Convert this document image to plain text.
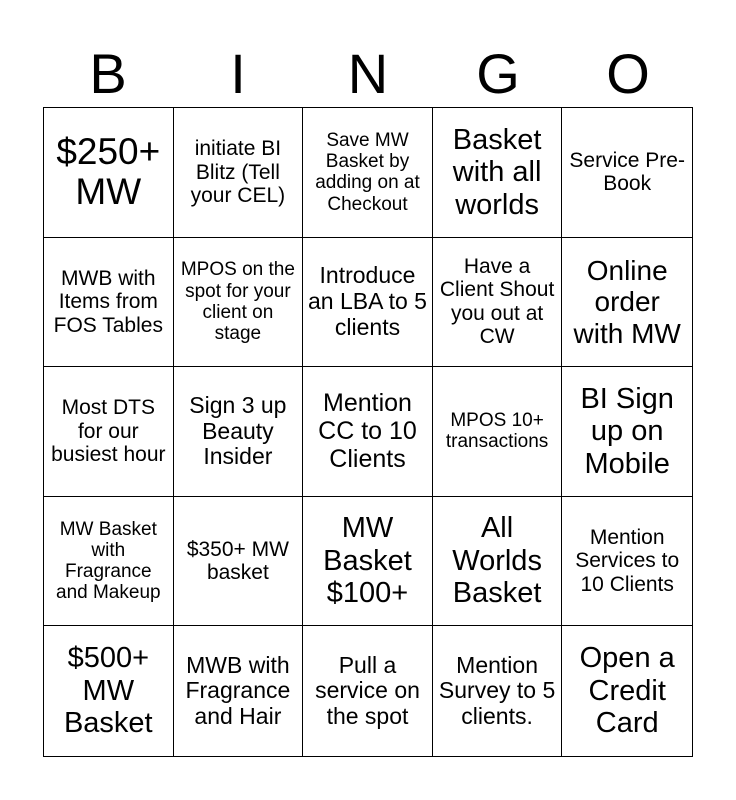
B	I	N	G	O
$250+ MW
initiate BI Blitz (Tell your CEL)
Save MW Basket by adding on at Checkout
Basket with all worlds
Service Pre-Book
MWB with Items from FOS Tables
MPOS on the spot for your client on stage
Introduce an LBA to 5 clients
Have a Client Shout you out at CW
Online order with MW
Most DTS for our busiest hour
Sign 3 up Beauty Insider
Mention CC to 10 Clients
MPOS 10+ transactions
BI Sign up on Mobile
MW Basket with Fragrance and Makeup
$350+ MW basket
MW Basket $100+
All Worlds Basket
Mention Services to 10 Clients
$500+ MW Basket
MWB with Fragrance and Hair
Pull a service on the spot
Mention Survey to 5 clients.
Open a Credit Card
